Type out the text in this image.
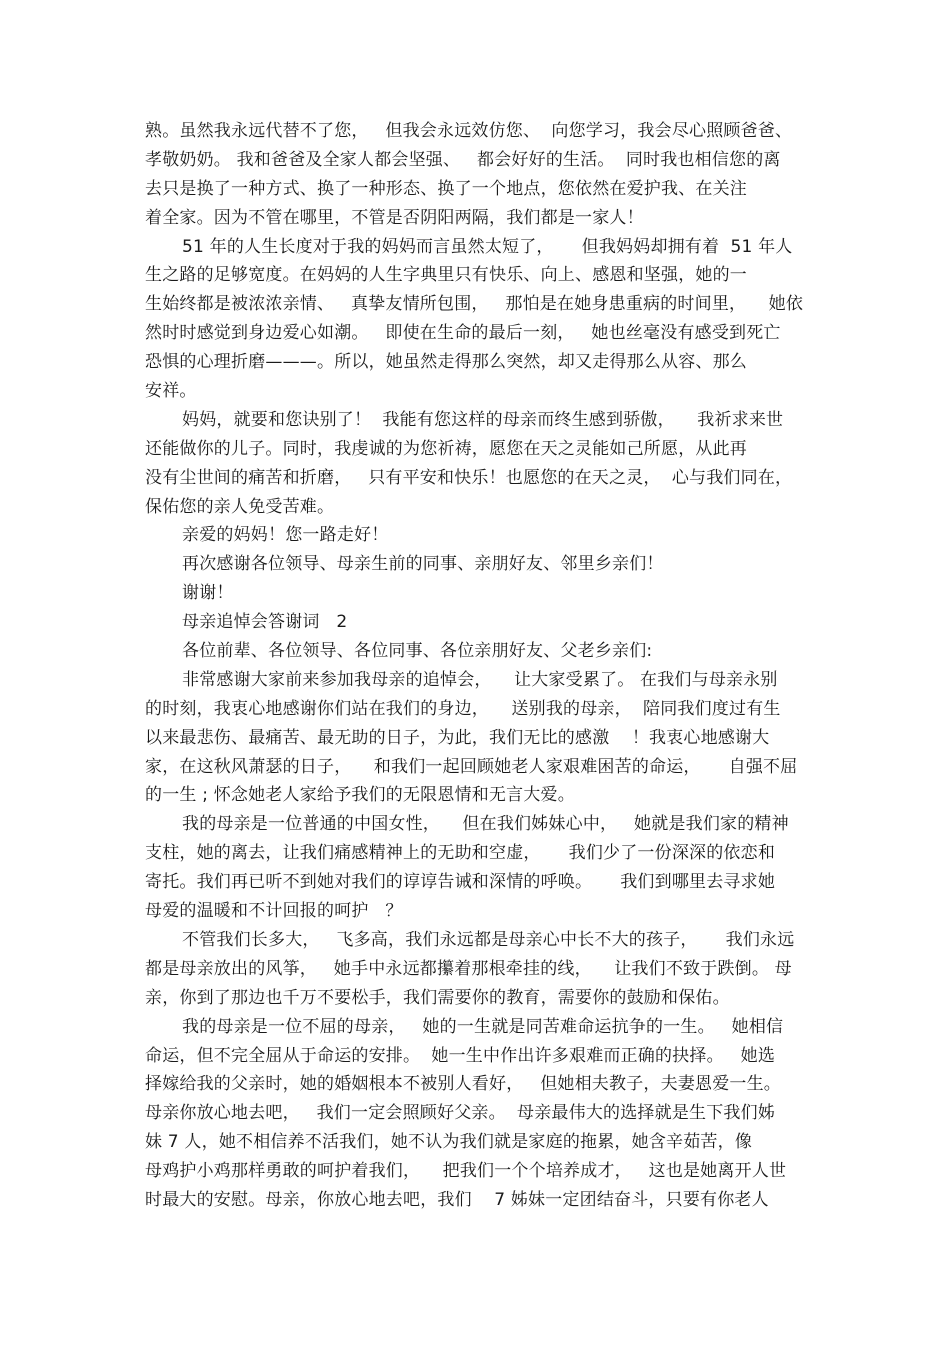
熟。虽然我永远代替不了您，   但我会永远效仿您、  向您学习，我会尽心照顾爸爸、
孝敬奶奶。 我和爸爸及全家人都会坚强、   都会好好的生活。  同时我也相信您的离
去只是换了一种方式、换了一种形态、换了一个地点，您依然在爱护我、在关注
着全家。因为不管在哪里，不管是否阴阳两隔，我们都是一家人！
51 年的人生长度对于我的妈妈而言虽然太短了，     但我妈妈却拥有着  51 年人
生之路的足够宽度。在妈妈的人生字典里只有快乐、向上、感恩和坚强，她的一
生始终都是被浓浓亲情、   真挚友情所包围，   那怕是在她身患重病的时间里，    她依
然时时感觉到身边爱心如潮。   即使在生命的最后一刻，   她也丝毫没有感受到死亡
恐惧的心理折磨———。所以，她虽然走得那么突然，却又走得那么从容、那么
安祥。
妈妈，就要和您诀别了！  我能有您这样的母亲而终生感到骄傲，    我祈求来世
还能做你的儿子。同时，我虔诚的为您祈祷，愿您在天之灵能如己所愿，从此再
没有尘世间的痛苦和折磨，   只有平安和快乐！也愿您的在天之灵，  心与我们同在，
保佑您的亲人免受苦难。
亲爱的妈妈！您一路走好！
再次感谢各位领导、母亲生前的同事、亲朋好友、邻里乡亲们！
谢谢！
母亲追悼会答谢词   2
各位前辈、各位领导、各位同事、各位亲朋好友、父老乡亲们:
非常感谢大家前来参加我母亲的追悼会，    让大家受累了。 在我们与母亲永别
的时刻，我衷心地感谢你们站在我们的身边，    送别我的母亲，  陪同我们度过有生
以来最悲伤、最痛苦、最无助的日子，为此，我们无比的感激    ！我衷心地感谢大
家，在这秋风萧瑟的日子，    和我们一起回顾她老人家艰难困苦的命运，     自强不屈
的一生 ; 怀念她老人家给予我们的无限恩情和无言大爱。
我的母亲是一位普通的中国女性，    但在我们姊妹心中，   她就是我们家的精神
支柱，她的离去，让我们痛感精神上的无助和空虚，     我们少了一份深深的依恋和
寄托。我们再已听不到她对我们的谆谆告诫和深情的呼唤。     我们到哪里去寻求她
母爱的温暖和不计回报的呵护   ？
不管我们长多大，   飞多高，我们永远都是母亲心中长不大的孩子，     我们永远
都是母亲放出的风筝，   她手中永远都攥着那根牵挂的线，    让我们不致于跌倒。 母
亲，你到了那边也千万不要松手，我们需要你的教育，需要你的鼓励和保佑。
我的母亲是一位不屈的母亲，   她的一生就是同苦难命运抗争的一生。   她相信
命运，但不完全屈从于命运的安排。  她一生中作出许多艰难而正确的抉择。   她选
择嫁给我的父亲时，她的婚姻根本不被别人看好，   但她相夫教子，夫妻恩爱一生。
母亲你放心地去吧，   我们一定会照顾好父亲。  母亲最伟大的选择就是生下我们姊
妹 7 人，她不相信养不活我们，她不认为我们就是家庭的拖累，她含辛茹苦，像
母鸡护小鸡那样勇敢的呵护着我们，    把我们一个个培养成才，   这也是她离开人世
时最大的安慰。母亲，你放心地去吧，我们    7 姊妹一定团结奋斗，只要有你老人
